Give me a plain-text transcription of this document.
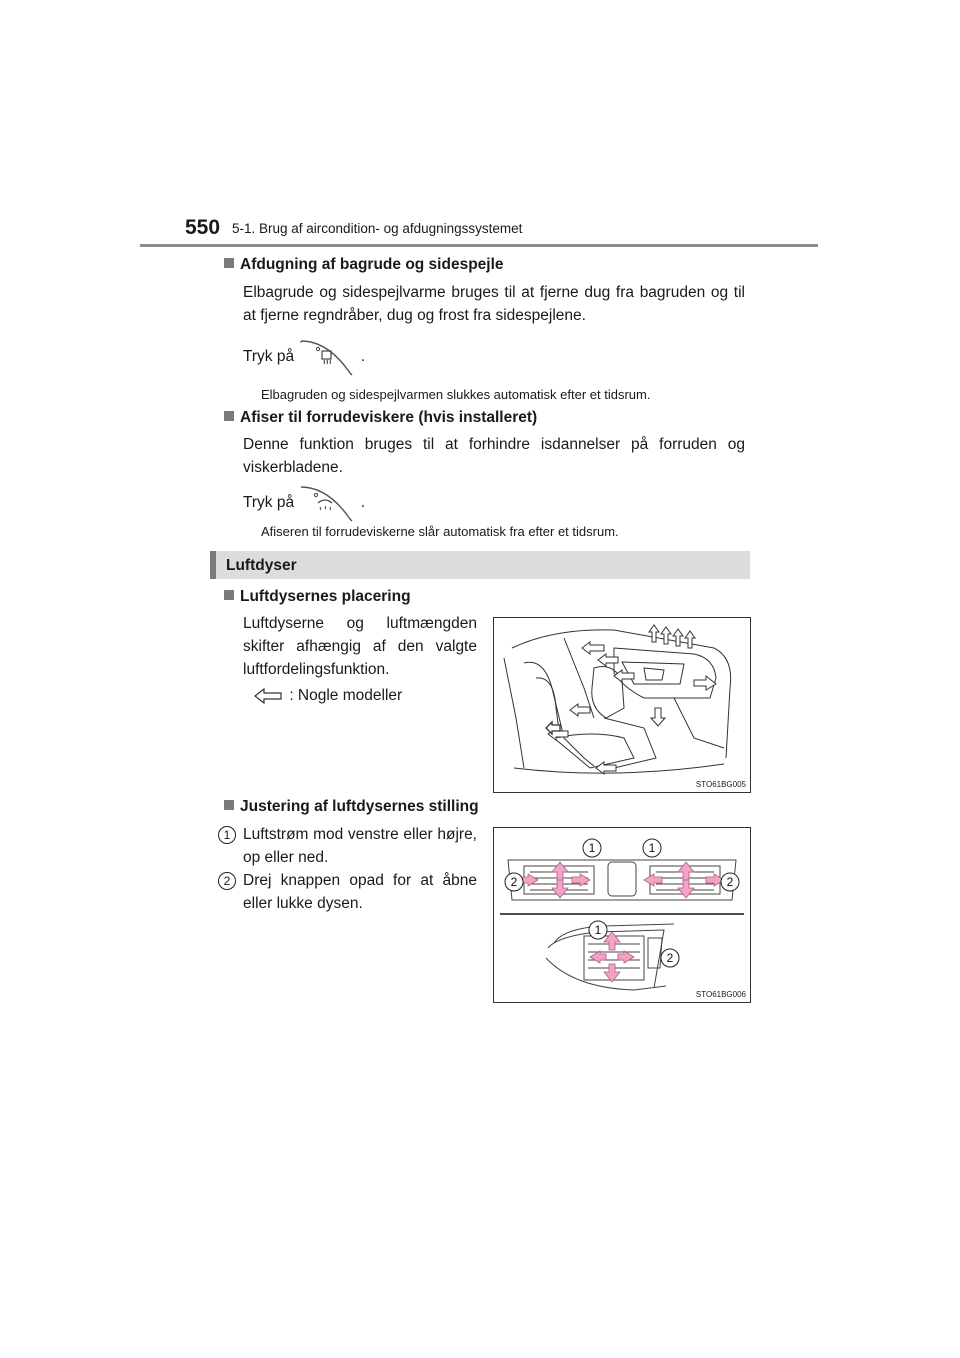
550 5-1. Brug af aircondition- og afdugningssystemet
Afdugning af bagrude og sidespejle
Elbagrude og sidespejlvarme bruges til at fjerne dug fra bagruden og til at fjerne regndråber, dug og frost fra sidespejlene.
Tryk på	.
Elbagruden og sidespejlvarmen slukkes automatisk efter et tidsrum.
Afiser til forrudeviskere (hvis installeret)
Denne funktion bruges til at forhindre isdannelser på forruden og viskerbladene.
Tryk på	.
Afiseren til forrudeviskerne slår automatisk fra efter et tidsrum.
Luftdyser
Luftdysernes placering
Luftdyserne og luftmængden skifter afhængig af den valgte luftfordelingsfunktion.
: Nogle modeller
STO61BG005
Justering af luftdysernes stilling
1 Luftstrøm mod venstre eller højre, op eller ned.
2 Drej knappen opad for at åbne eller lukke dysen.
1	1
2	2
1
2
STO61BG006
